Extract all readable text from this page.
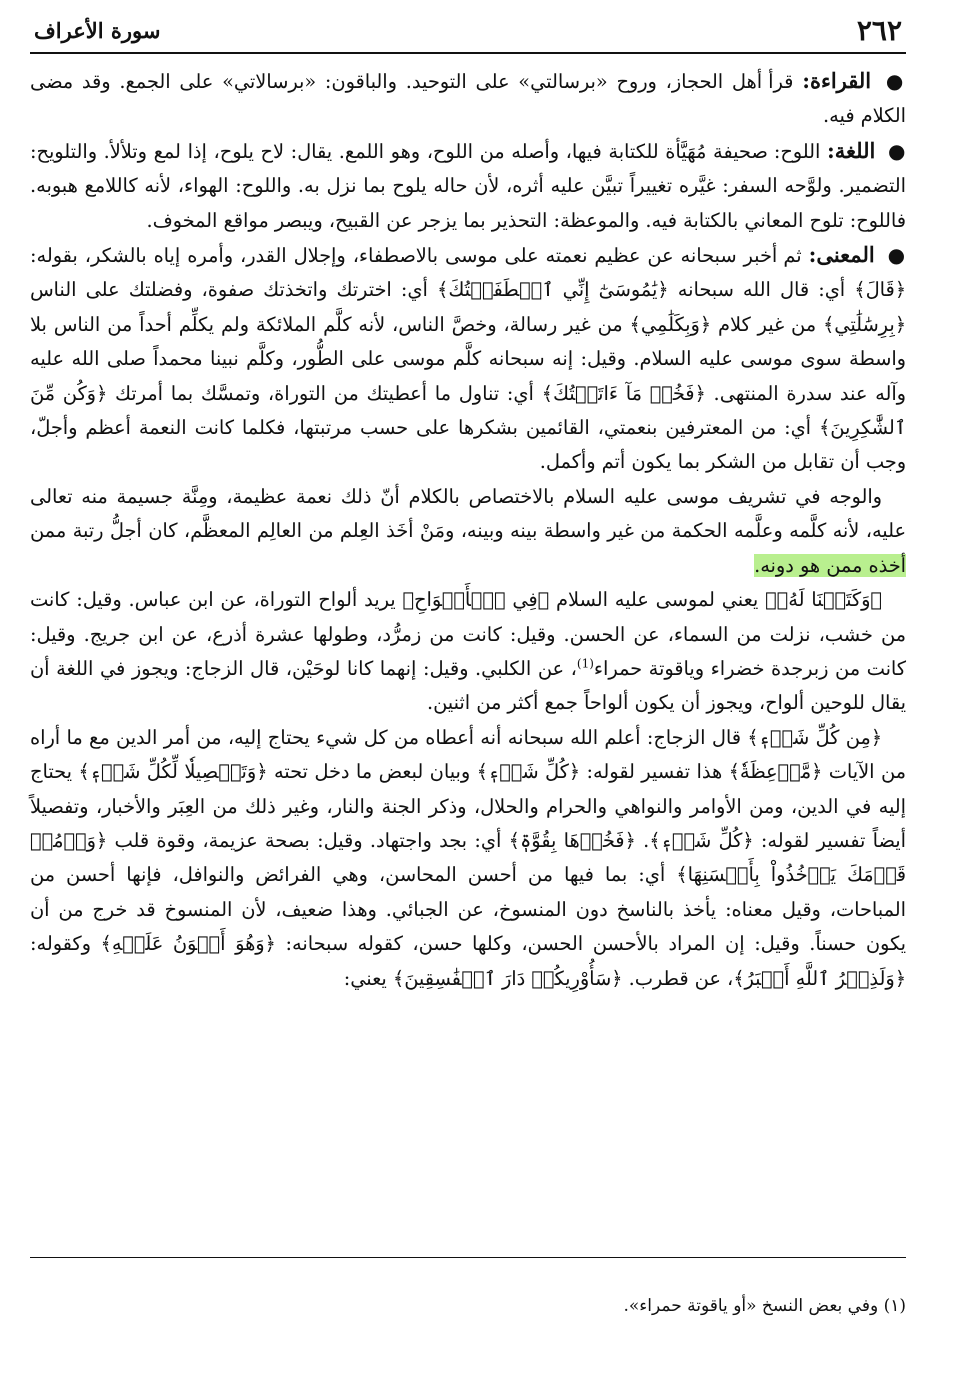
٢٦٢
سورة الأعراف

● القراءة: قرأ أهل الحجاز، وروح «برسالتي» على التوحيد. والباقون: «برسالاتي» على الجمع. وقد مضى الكلام فيه.

● اللغة: اللوح: صحيفة مُهَيَّأة للكتابة فيها، وأصله من اللوح، وهو اللمع. يقال: لاح يلوح، إذا لمع وتلألأ. والتلويح: التضمير. ولوَّحه السفر: غيَّره تغييراً تبيَّن عليه أثره، لأن حاله يلوح بما نزل به. واللوح: الهواء، لأنه كاللامع هبوبه. فاللوح: تلوح المعاني بالكتابة فيه. والموعظة: التحذير بما يزجر عن القبيح، ويبصر مواقع المخوف.

● المعنى: ثم أخبر سبحانه عن عظيم نعمته على موسى بالاصطفاء، وإجلال القدر، وأمره إياه بالشكر، بقوله: ﴿قَالَ﴾ أي: قال الله سبحانه ﴿يَٰمُوسَىٰٓ إِنِّي ٱصۡطَفَيۡتُكَ﴾ أي: اخترتك واتخذتك صفوة، وفضلتك على الناس ﴿بِرِسَٰلَٰتِي﴾ من غير كلام ﴿وَبِكَلَٰمِي﴾ من غير رسالة، وخصَّ الناس، لأنه كلَّم الملائكة ولم يكلِّم أحداً من الناس بلا واسطة سوى موسى عليه السلام. وقيل: إنه سبحانه كلَّم موسى على الطُّور، وكلَّم نبينا محمداً صلى الله عليه وآله عند سدرة المنتهى. ﴿فَخُذۡ مَآ ءَاتَيۡتُكَ﴾ أي: تناول ما أعطيتك من التوراة، وتمسَّك بما أمرتك ﴿وَكُن مِّنَ ٱلشَّٰكِرِينَ﴾ أي: من المعترفين بنعمتي، القائمين بشكرها على حسب مرتبتها، فكلما كانت النعمة أعظم وأجلّ، وجب أن تقابل من الشكر بما يكون أتم وأكمل.

والوجه في تشريف موسى عليه السلام بالاختصاص بالكلام أنّ ذلك نعمة عظيمة، ومِنَّة جسيمة منه تعالى عليه، لأنه كلَّمه وعلَّمه الحكمة من غير واسطة بينه وبينه، ومَنْ أخَذ العِلم من العالِم المعظَّم، كان أجلُّ رتبة ممن أخذه ممن هو دونه.

﴿وَكَتَبۡنَا لَهُۥ﴾ يعني لموسى عليه السلام ﴿فِي ٱلۡأَلۡوَاحِ﴾ يريد ألواح التوراة، عن ابن عباس. وقيل: كانت من خشب، نزلت من السماء، عن الحسن. وقيل: كانت من زمرُّد، وطولها عشرة أذرع، عن ابن جريج. وقيل: كانت من زبرجدة خضراء وياقوتة حمراء$^{(1)}$، عن الكلبي. وقيل: إنهما كانا لوحَيْن، قال الزجاج: ويجوز في اللغة أن يقال للوحين ألواح، ويجوز أن يكون ألواحاً جمع أكثر من اثنين.

﴿مِن كُلِّ شَيۡءٖ﴾ قال الزجاج: أعلم الله سبحانه أنه أعطاه من كل شيء يحتاج إليه، من أمر الدين مع ما أراه من الآيات ﴿مَّوۡعِظَةٗ﴾ هذا تفسير لقوله: ﴿كُلِّ شَيۡءٖ﴾ وبيان لبعض ما دخل تحته ﴿وَتَفۡصِيلٗا لِّكُلِّ شَيۡءٖ﴾ يحتاج إليه في الدين، ومن الأوامر والنواهي والحرام والحلال، وذكر الجنة والنار، وغير ذلك من العِبَر والأخبار، وتفصيلاً أيضاً تفسير لقوله: ﴿كُلِّ شَيۡءٖ﴾. ﴿فَخُذۡهَا بِقُوَّةٖ﴾ أي: بجد واجتهاد. وقيل: بصحة عزيمة، وقوة قلب ﴿وَأۡمُرۡ قَوۡمَكَ يَأۡخُذُواْ بِأَحۡسَنِهَا﴾ أي: بما فيها من أحسن المحاسن، وهي الفرائض والنوافل، فإنها أحسن من المباحات، وقيل معناه: يأخذ بالناسخ دون المنسوخ، عن الجبائي. وهذا ضعيف، لأن المنسوخ قد خرج من أن يكون حسناً. وقيل: إن المراد بالأحسن الحسن، وكلها حسن، كقوله سبحانه: ﴿وَهُوَ أَهۡوَنُ عَلَيۡهِ﴾ وكقوله: ﴿وَلَذِكۡرُ ٱللَّهِ أَكۡبَرُ﴾، عن قطرب. ﴿سَأُوْرِيكُمۡ دَارَ ٱلۡفَٰسِقِينَ﴾ يعني:

(١) وفي بعض النسخ «أو ياقوتة حمراء».
